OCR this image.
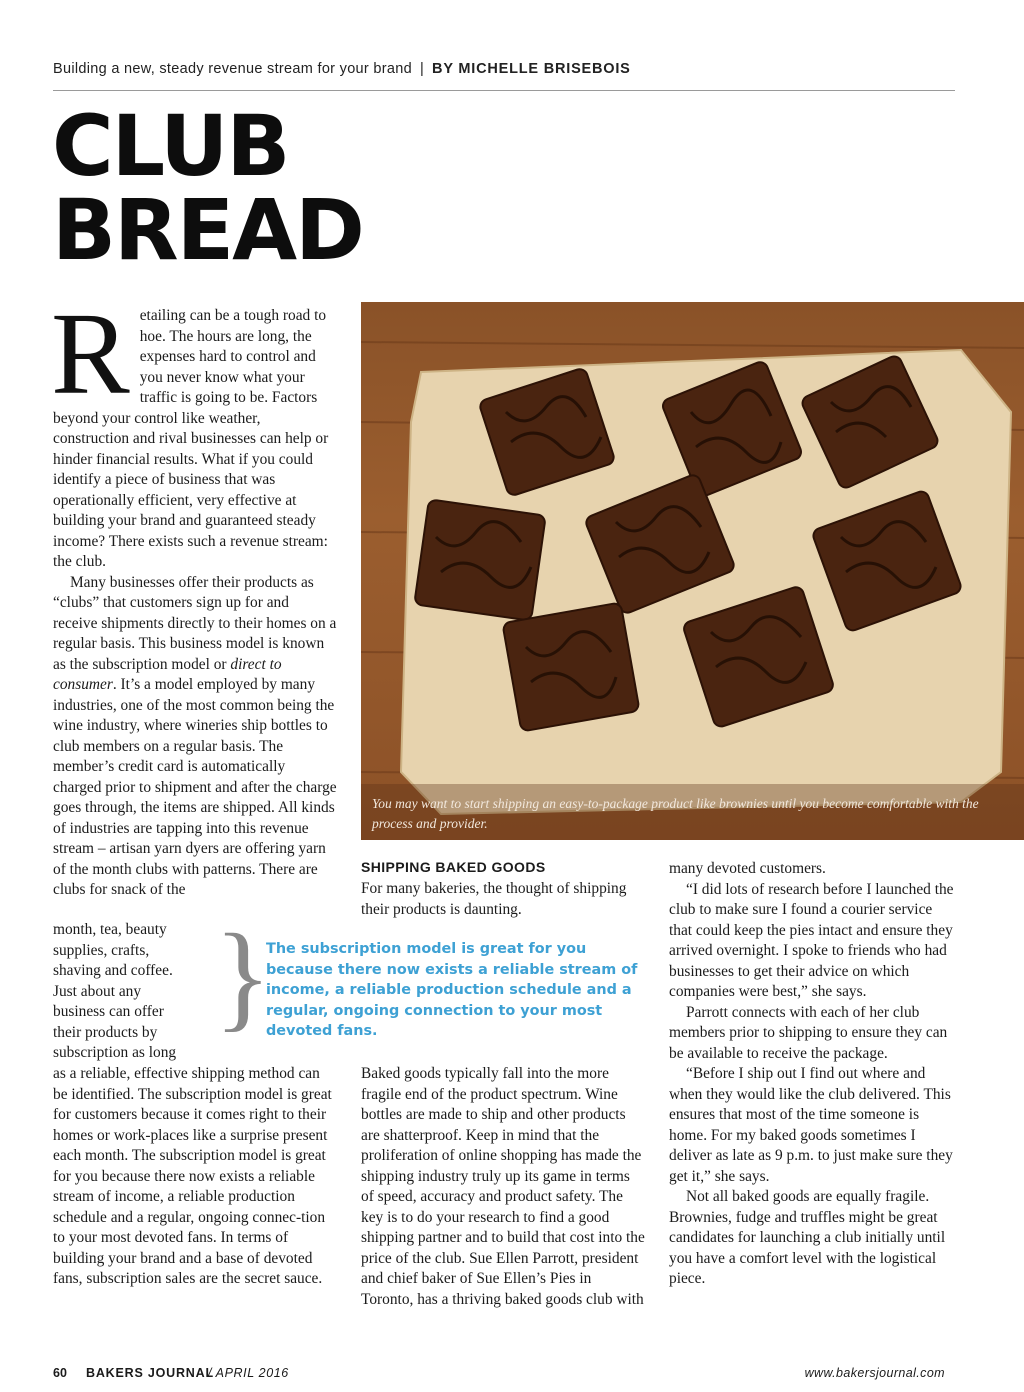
Building a new, steady revenue stream for your brand | BY MICHELLE BRISEBOIS
CLUB
BREAD

Retailing can be a tough road to hoe. The hours are long, the expenses hard to control and you never know what your traffic is going to be. Factors beyond your control like weather, construction and rival businesses can help or hinder financial results. What if you could identify a piece of business that was operationally efficient, very effective at building your brand and guaranteed steady income? There exists such a revenue stream: the club.

Many businesses offer their products as “clubs” that customers sign up for and receive shipments directly to their homes on a regular basis. This business model is known as the subscription model or direct to consumer. It’s a model employed by many industries, one of the most common being the wine industry, where wineries ship bottles to club members on a regular basis. The member’s credit card is automatically charged prior to shipment and after the charge goes through, the items are shipped. All kinds of industries are tapping into this revenue stream – artisan yarn dyers are offering yarn of the month clubs with patterns. There are clubs for snack of the

month, tea, beauty
supplies, crafts,
shaving and coffee.
Just about any
business can offer
their products by
subscription as long

as a reliable, effective shipping method can be identified. The subscription model is great for customers because it comes right to their homes or work-places like a surprise present each month. The subscription model is great for you because there now exists a reliable stream of income, a reliable production schedule and a regular, ongoing connec-tion to your most devoted fans. In terms of building your brand and a base of devoted fans, subscription sales are the secret sauce.

You may want to start shipping an easy-to-package product like brownies until you become comfortable with the process and provider.
SHIPPING BAKED GOODS

For many bakeries, the thought of shipping their products is daunting.

}
The subscription model is great for you because there now exists a reliable stream of income, a reliable production schedule and a regular, ongoing connection to your most devoted fans.

Baked goods typically fall into the more fragile end of the product spectrum. Wine bottles are made to ship and other products are shatterproof. Keep in mind that the proliferation of online shopping has made the shipping industry truly up its game in terms of speed, accuracy and product safety. The key is to do your research to find a good shipping partner and to build that cost into the price of the club. Sue Ellen Parrott, president and chief baker of Sue Ellen’s Pies in Toronto, has a thriving baked goods club with

many devoted customers.

“I did lots of research before I launched the club to make sure I found a courier service that could keep the pies intact and ensure they arrived overnight. I spoke to friends who had businesses to get their advice on which companies were best,” she says.

Parrott connects with each of her club members prior to shipping to ensure they can be available to receive the package.

“Before I ship out I find out where and when they would like the club delivered. This ensures that most of the time someone is home. For my baked goods sometimes I deliver as late as 9 p.m. to just make sure they get it,” she says.

Not all baked goods are equally fragile. Brownies, fudge and truffles might be great candidates for launching a club initially until you have a comfort level with the logistical piece.

60 BAKERS JOURNAL
/ APRIL 2016	www.bakersjournal.com
